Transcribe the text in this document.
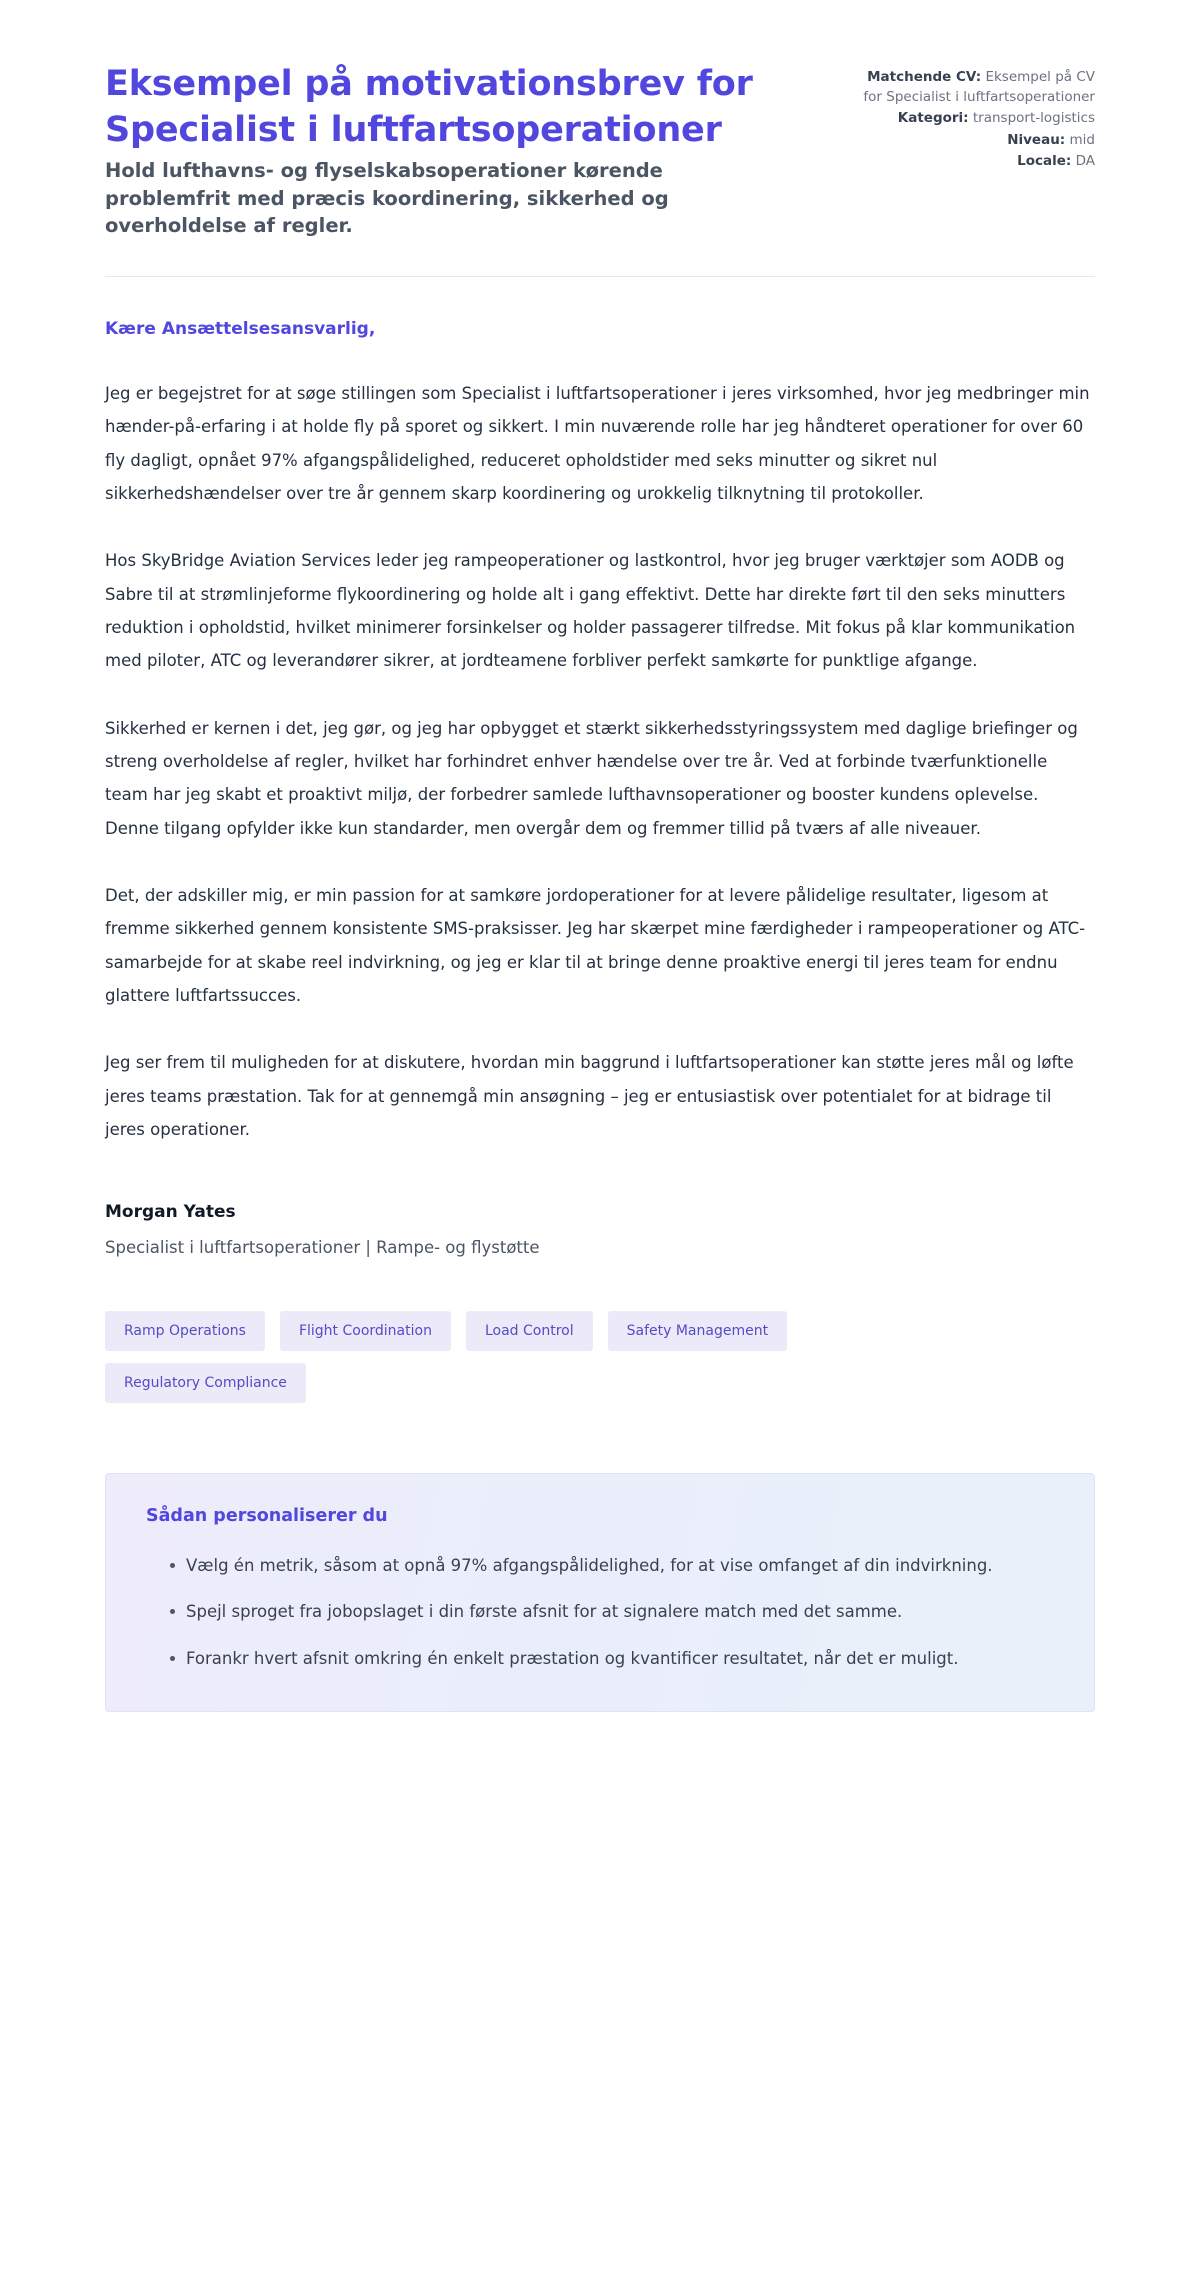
Eksempel på motivationsbrev for Specialist i luftfartsoperationer

Hold lufthavns- og flyselskabsoperationer kørende problemfrit med præcis koordinering, sikkerhed og overholdelse af regler.

Matchende CV: Eksempel på CV for Specialist i luftfartsoperationer
Kategori: transport-logistics
Niveau: mid
Locale: DA

Kære Ansættelsesansvarlig,

Jeg er begejstret for at søge stillingen som Specialist i luftfartsoperationer i jeres virksomhed, hvor jeg medbringer min hænder-på-erfaring i at holde fly på sporet og sikkert. I min nuværende rolle har jeg håndteret operationer for over 60 fly dagligt, opnået 97% afgangspålidelighed, reduceret opholdstider med seks minutter og sikret nul sikkerhedshændelser over tre år gennem skarp koordinering og urokkelig tilknytning til protokoller.

Hos SkyBridge Aviation Services leder jeg rampeoperationer og lastkontrol, hvor jeg bruger værktøjer som AODB og Sabre til at strømlinjeforme flykoordinering og holde alt i gang effektivt. Dette har direkte ført til den seks minutters reduktion i opholdstid, hvilket minimerer forsinkelser og holder passagerer tilfredse. Mit fokus på klar kommunikation med piloter, ATC og leverandører sikrer, at jordteamene forbliver perfekt samkørte for punktlige afgange.

Sikkerhed er kernen i det, jeg gør, og jeg har opbygget et stærkt sikkerhedsstyringssystem med daglige briefinger og streng overholdelse af regler, hvilket har forhindret enhver hændelse over tre år. Ved at forbinde tværfunktionelle team har jeg skabt et proaktivt miljø, der forbedrer samlede lufthavnsoperationer og booster kundens oplevelse. Denne tilgang opfylder ikke kun standarder, men overgår dem og fremmer tillid på tværs af alle niveauer.

Det, der adskiller mig, er min passion for at samkøre jordoperationer for at levere pålidelige resultater, ligesom at fremme sikkerhed gennem konsistente SMS-praksisser. Jeg har skærpet mine færdigheder i rampeoperationer og ATC-samarbejde for at skabe reel indvirkning, og jeg er klar til at bringe denne proaktive energi til jeres team for endnu glattere luftfartssucces.

Jeg ser frem til muligheden for at diskutere, hvordan min baggrund i luftfartsoperationer kan støtte jeres mål og løfte jeres teams præstation. Tak for at gennemgå min ansøgning – jeg er entusiastisk over potentialet for at bidrage til jeres operationer.

Morgan Yates

Specialist i luftfartsoperationer | Rampe- og flystøtte

Ramp Operations	Flight Coordination	Load Control	Safety Management
Regulatory Compliance

Sådan personaliserer du

Vælg én metrik, såsom at opnå 97% afgangspålidelighed, for at vise omfanget af din indvirkning.
Spejl sproget fra jobopslaget i din første afsnit for at signalere match med det samme.
Forankr hvert afsnit omkring én enkelt præstation og kvantificer resultatet, når det er muligt.
